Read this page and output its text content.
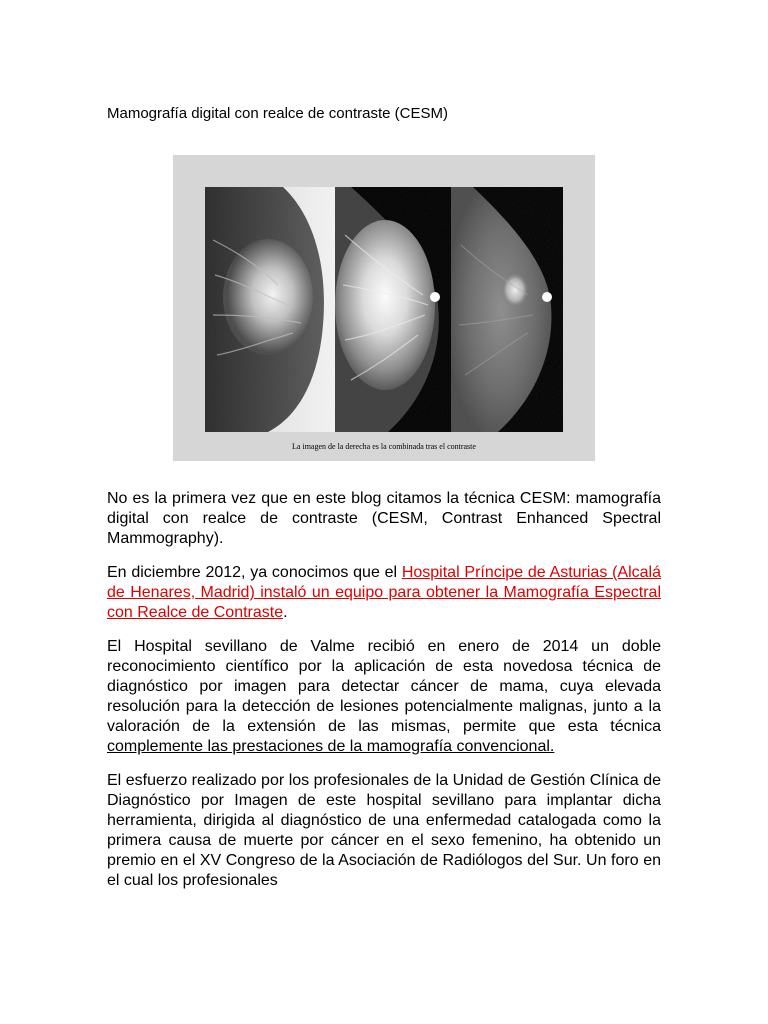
Mamografía digital con realce de contraste (CESM)
La imagen de la derecha es la combinada tras el contraste

No es la primera vez que en este blog citamos la técnica CESM: mamografía digital con realce de contraste (CESM, Contrast Enhanced Spectral Mammography).

En diciembre 2012, ya conocimos que el Hospital Príncipe de Asturias (Alcalá de Henares, Madrid) instaló un equipo para obtener la Mamografía Espectral con Realce de Contraste.

El Hospital sevillano de Valme recibió en enero de 2014 un doble reconocimiento científico por la aplicación de esta novedosa técnica de diagnóstico por imagen para detectar cáncer de mama, cuya elevada resolución para la detección de lesiones potencialmente malignas, junto a la valoración de la extensión de las mismas, permite que esta técnica complemente las prestaciones de la mamografía convencional.

El esfuerzo realizado por los profesionales de la Unidad de Gestión Clínica de Diagnóstico por Imagen de este hospital sevillano para implantar dicha herramienta, dirigida al diagnóstico de una enfermedad catalogada como la primera causa de muerte por cáncer en el sexo femenino, ha obtenido un premio en el XV Congreso de la Asociación de Radiólogos del Sur. Un foro en el cual los profesionales
